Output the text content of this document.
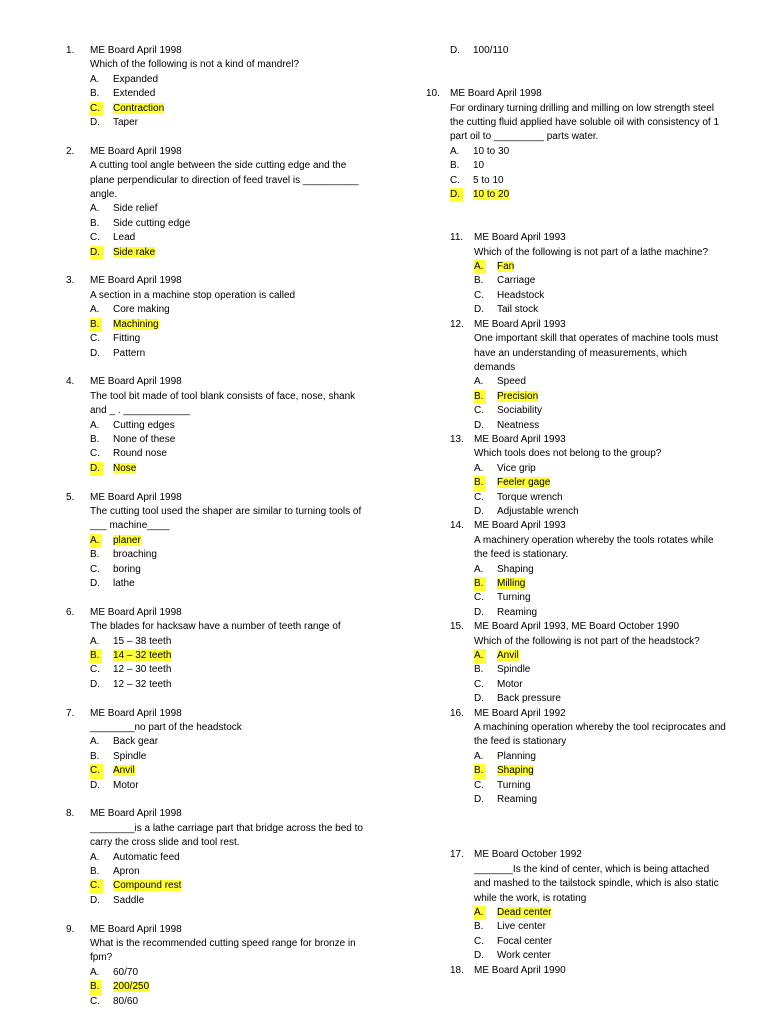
1. ME Board April 1998
Which of the following is not a kind of mandrel?
A. Expanded
B. Extended
C.	Contraction
D. Taper
2. ME Board April 1998
A cutting tool angle between the side cutting edge and the plane perpendicular to direction of feed travel is __________ angle.
A. Side relief
B. Side cutting edge
C. Lead
D.	Side rake
3. ME Board April 1998
A section in a machine stop operation is called
A. Core making
B.	Machining
C. Fitting
D. Pattern
4. ME Board April 1998
The tool bit made of tool blank consists of face, nose, shank and _ . ____________
A. Cutting edges
B. None of these
C. Round nose
D.	Nose
5. ME Board April 1998
The cutting tool used the shaper are similar to turning tools of ___ machine____
A.	planer
B. broaching
C. boring
D. lathe
6. ME Board April 1998
The blades for hacksaw have a number of teeth range of
A. 15 – 38 teeth
B.	14 – 32 teeth
C. 12 – 30 teeth
D. 12 – 32 teeth
7. ME Board April 1998
________no part of the headstock
A. Back gear
B. Spindle
C.	Anvil
D. Motor
8. ME Board April 1998
________is a lathe carriage part that bridge across the bed to carry the cross slide and tool rest.
A. Automatic feed
B. Apron
C.	Compound rest
D. Saddle
9. ME Board April 1998
What is the recommended cutting speed range for bronze in fpm?
A. 60/70
B.	200/250
C. 80/60
D. 100/110
10. ME Board April 1998
For ordinary turning drilling and milling on low strength steel the cutting fluid applied have soluble oil with consistency of 1 part oil to _________ parts water.
A. 10 to 30
B. 10
C. 5 to 10
D.	10 to 20
11. ME Board April 1993
Which of the following is not part of a lathe machine?
A.	Fan
B. Carriage
C. Headstock
D. Tail stock
12. ME Board April 1993
One important skill that operates of machine tools must have an understanding of measurements, which demands
A. Speed
B.	Precision
C. Sociability
D. Neatness
13. ME Board April 1993
Which tools does not belong to the group?
A. Vice grip
B.	Feeler gage
C. Torque wrench
D. Adjustable wrench
14. ME Board April 1993
A machinery operation whereby the tools rotates while the feed is stationary.
A. Shaping
B.	Milling
C. Turning
D. Reaming
15. ME Board April 1993, ME Board October 1990
Which of the following is not part of the headstock?
A.	Anvil
B. Spindle
C. Motor
D. Back pressure
16. ME Board April 1992
A machining operation whereby the tool reciprocates and the feed is stationary
A. Planning
B.	Shaping
C. Turning
D. Reaming
17. ME Board October 1992
_______Is the kind of center, which is being attached and mashed to the tailstock spindle, which is also static while the work, is rotating
A.	Dead center
B. Live center
C. Focal center
D. Work center
18. ME Board April 1990
